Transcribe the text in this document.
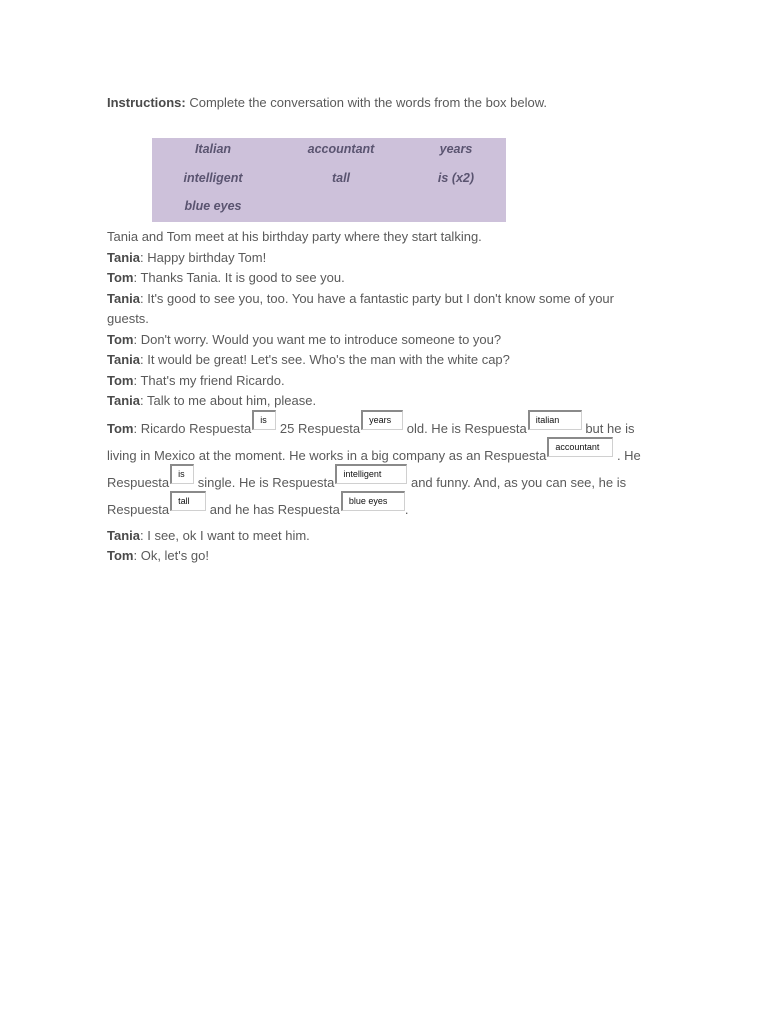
Instructions: Complete the conversation with the words from the box below.

Italian	accountant	years
intelligent	tall	is (x2)
blue eyes

Tania and Tom meet at his birthday party where they start talking.

Tania: Happy birthday Tom!

Tom: Thanks Tania. It is good to see you.

Tania: It's good to see you, too. You have a fantastic party but I don't know some of your guests.

Tom: Don't worry. Would you want me to introduce someone to you?

Tania: It would be great! Let's see. Who's the man with the white cap?

Tom: That's my friend Ricardo.

Tania: Talk to me about him, please.

Tom: Ricardo Respuestais 25 Respuestayears old. He is Respuestaitalian but he is living in Mexico at the moment. He works in a big company as an Respuestaaccountant . He Respuestais single. He is Respuestaintelligent and funny. And, as you can see, he is Respuestatall and he has Respuestablue eyes.

Tania: I see, ok I want to meet him.

Tom: Ok, let's go!
